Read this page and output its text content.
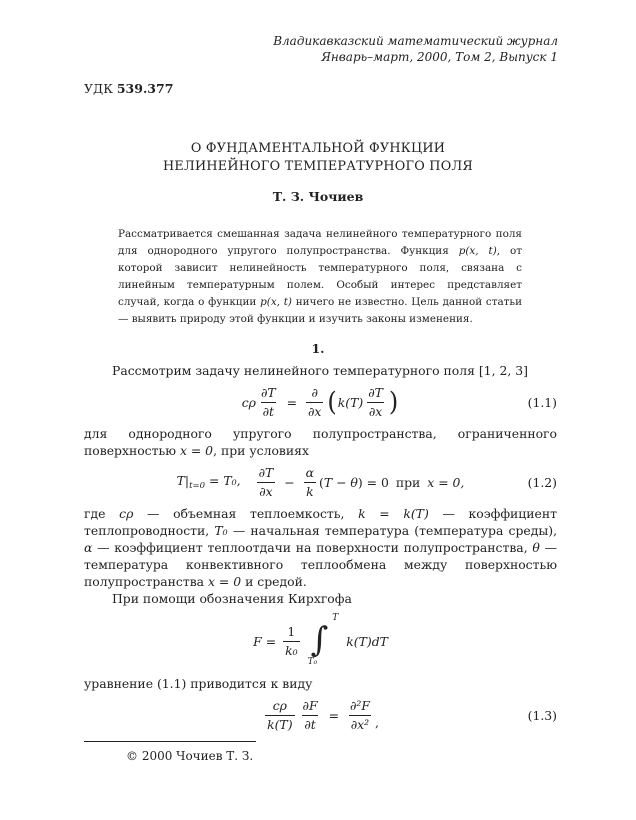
Владикавказский математический журнал
Январь–март, 2000, Том 2, Выпуск 1
УДК 539.377
О ФУНДАМЕНТАЛЬНОЙ ФУНКЦИИ
НЕЛИНЕЙНОГО ТЕМПЕРАТУРНОГО ПОЛЯ
Т. З. Чочиев
Рассматривается смешанная задача нелинейного температурного поля для однородного упругого полупространства. Функция p(x, t), от которой зависит нелинейность температурного поля, связана с линейным температурным полем. Особый интерес представляет случай, когда о функции p(x, t) ничего не известно. Цель данной статьи — выявить природу этой функции и изучить законы изменения.
1.

Рассмотрим задачу нелинейного температурного поля [1, 2, 3]

cρ $\frac{\partial T}{\partial t} = \frac{\partial}{\partial x}$ ( $k(T) \frac{\partial T}{\partial x}$ )	(1.1)

для однородного упругого полупространства, ограниченного поверхностью x = 0, при условиях

$T|_{t=0} = T_0$, $\frac{\partial T}{\partial x} - \frac{\alpha}{k} (T - \theta) = 0$ при x = 0,	(1.2)

где cρ — объемная теплоемкость, k = k(T) — коэффициент теплопроводности, T₀ — начальная температура (температура среды), α — коэффициент теплоотдачи на поверхности полупространства, θ — температура конвективного теплообмена между поверхностью полупространства x = 0 и средой.

При помощи обозначения Кирхгофа

$F = \frac{1}{\text{k₀}}$
T
∫
T₀
k(T)dT

уравнение (1.1) приводится к виду

$\frac{c\rho}{k(T)} \frac{\partial F}{\partial t} = \frac{\text{∂²F}}{\text{∂x²}}$ ,	(1.3)

© 2000 Чочиев Т. З.
